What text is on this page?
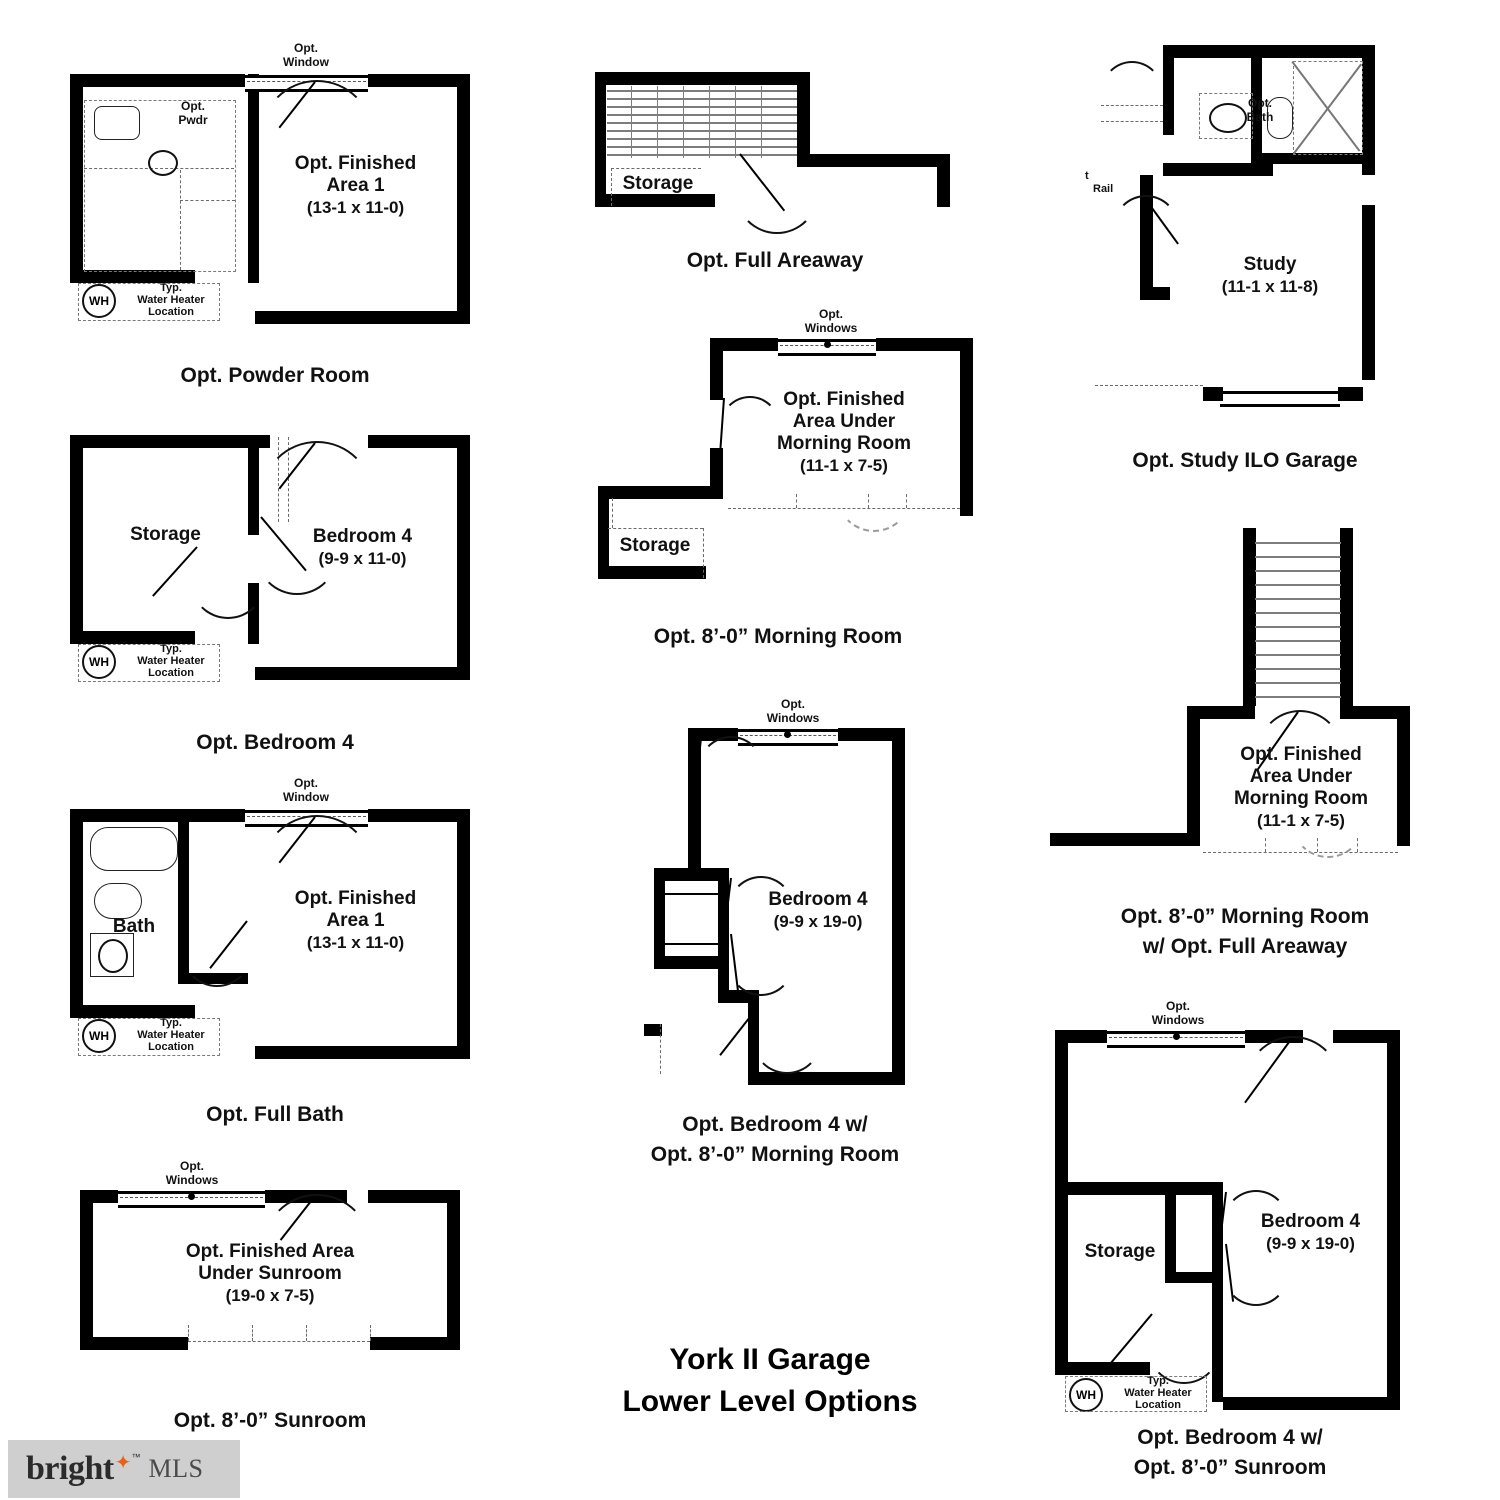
Opt.
Window
Opt.
Pwdr
WH
Typ.
Water Heater
Location
Opt. Finished
Area 1
(13-1 x 11-0)
Opt. Powder Room
WH
Typ.
Water Heater
Location
Storage	Bedroom 4
(9-9 x 11-0)
Opt. Bedroom 4
Opt.
Window
WH
Typ.
Water Heater
Location
Bath
Opt. Finished
Area 1
(13-1 x 11-0)
Opt. Full Bath
Opt.
Windows
Opt. Finished Area
Under Sunroom
(19-0 x 7-5)
Opt. 8’-0” Sunroom
Storage
Opt. Full Areaway
Opt.
Windows
Opt. Finished
Area Under
Morning Room
(11-1 x 7-5)
Storage
Opt. 8’-0” Morning Room
Opt.
Windows
Bedroom 4
(9-9 x 19-0)
Opt. Bedroom 4 w/
Opt. 8’-0” Morning Room
Opt.
Bath
t
Rail
Study
(11-1 x 11-8)
Opt. Study ILO Garage
Opt. Finished
Area Under
Morning Room
(11-1 x 7-5)
Opt. 8’-0” Morning Room
w/ Opt. Full Areaway
Opt.
Windows
WH
Typ.
Water Heater
Location
Bedroom 4
(9-9 x 19-0)
Storage
Opt. Bedroom 4 w/
Opt. 8’-0” Sunroom
York II Garage
Lower Level Options
bright ✦ ™ MLS
